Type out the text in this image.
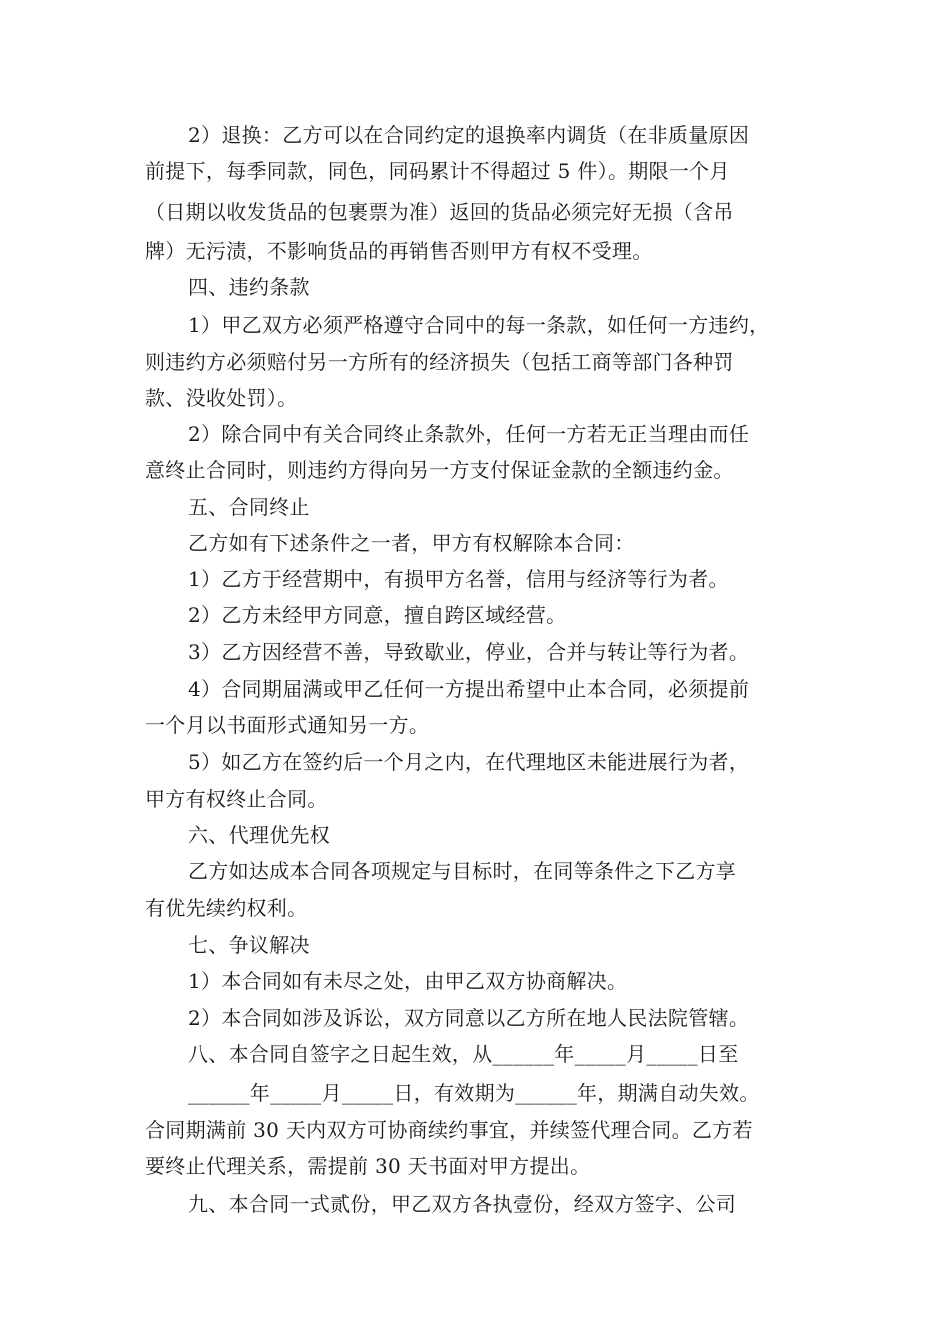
2）退换：乙方可以在合同约定的退换率内调货（在非质量原因
前提下，每季同款，同色，同码累计不得超过 5 件）。期限一个月
（日期以收发货品的包裹票为准）返回的货品必须完好无损（含吊
牌）无污渍，不影响货品的再销售否则甲方有权不受理。
四、违约条款
1）甲乙双方必须严格遵守合同中的每一条款，如任何一方违约，
则违约方必须赔付另一方所有的经济损失（包括工商等部门各种罚
款、没收处罚）。
2）除合同中有关合同终止条款外，任何一方若无正当理由而任
意终止合同时，则违约方得向另一方支付保证金款的全额违约金。
五、合同终止
乙方如有下述条件之一者，甲方有权解除本合同：
1）乙方于经营期中，有损甲方名誉，信用与经济等行为者。
2）乙方未经甲方同意，擅自跨区域经营。
3）乙方因经营不善，导致歇业，停业，合并与转让等行为者。
4）合同期届满或甲乙任何一方提出希望中止本合同，必须提前
一个月以书面形式通知另一方。
5）如乙方在签约后一个月之内，在代理地区未能进展行为者，
甲方有权终止合同。
六、代理优先权
乙方如达成本合同各项规定与目标时，在同等条件之下乙方享
有优先续约权利。
七、争议解决
1）本合同如有未尽之处，由甲乙双方协商解决。
2）本合同如涉及诉讼，双方同意以乙方所在地人民法院管辖。
八、本合同自签字之日起生效，从______年_____月_____日至
______年_____月_____日，有效期为______年，期满自动失效。
合同期满前 30 天内双方可协商续约事宜，并续签代理合同。乙方若
要终止代理关系，需提前 30 天书面对甲方提出。
九、本合同一式贰份，甲乙双方各执壹份，经双方签字、公司
